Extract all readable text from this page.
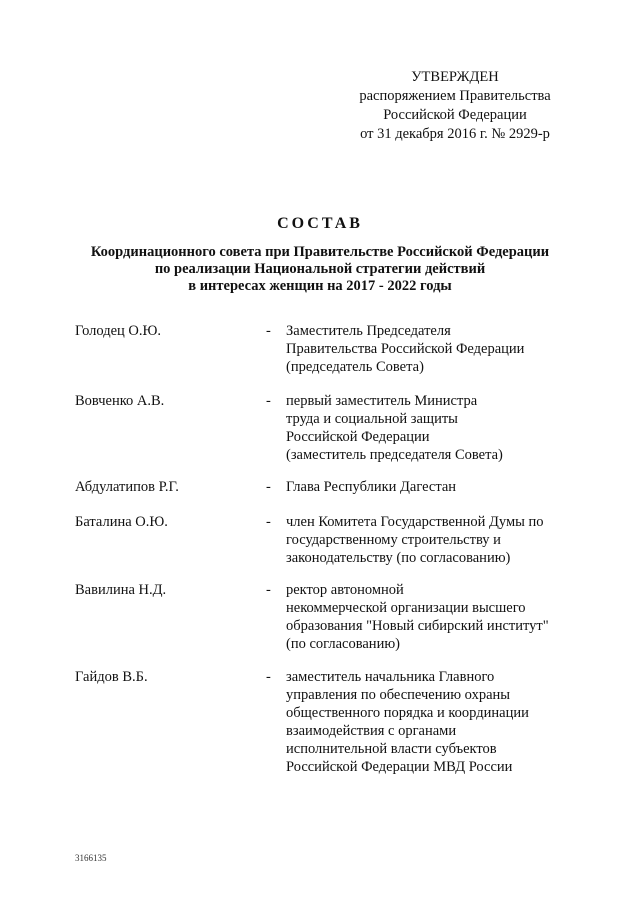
УТВЕРЖДЕН
распоряжением Правительства
Российской Федерации
от 31 декабря 2016 г. № 2929-р
СОСТАВ
Координационного совета при Правительстве Российской Федерации
по реализации Национальной стратегии действий
в интересах женщин на 2017 - 2022 годы
Голодец О.Ю.	- Заместитель Председателя
Правительства Российской Федерации
(председатель Совета)
Вовченко А.В.	- первый заместитель Министра
труда и социальной защиты
Российской Федерации
(заместитель председателя Совета)
Абдулатипов Р.Г.	- Глава Республики Дагестан
Баталина О.Ю.	- член Комитета Государственной Думы по
государственному строительству и
законодательству (по согласованию)
Вавилина Н.Д.	- ректор автономной
некоммерческой организации высшего
образования "Новый сибирский институт"
(по согласованию)
Гайдов В.Б.	- заместитель начальника Главного
управления по обеспечению охраны
общественного порядка и координации
взаимодействия с органами
исполнительной власти субъектов
Российской Федерации МВД России
3166135
